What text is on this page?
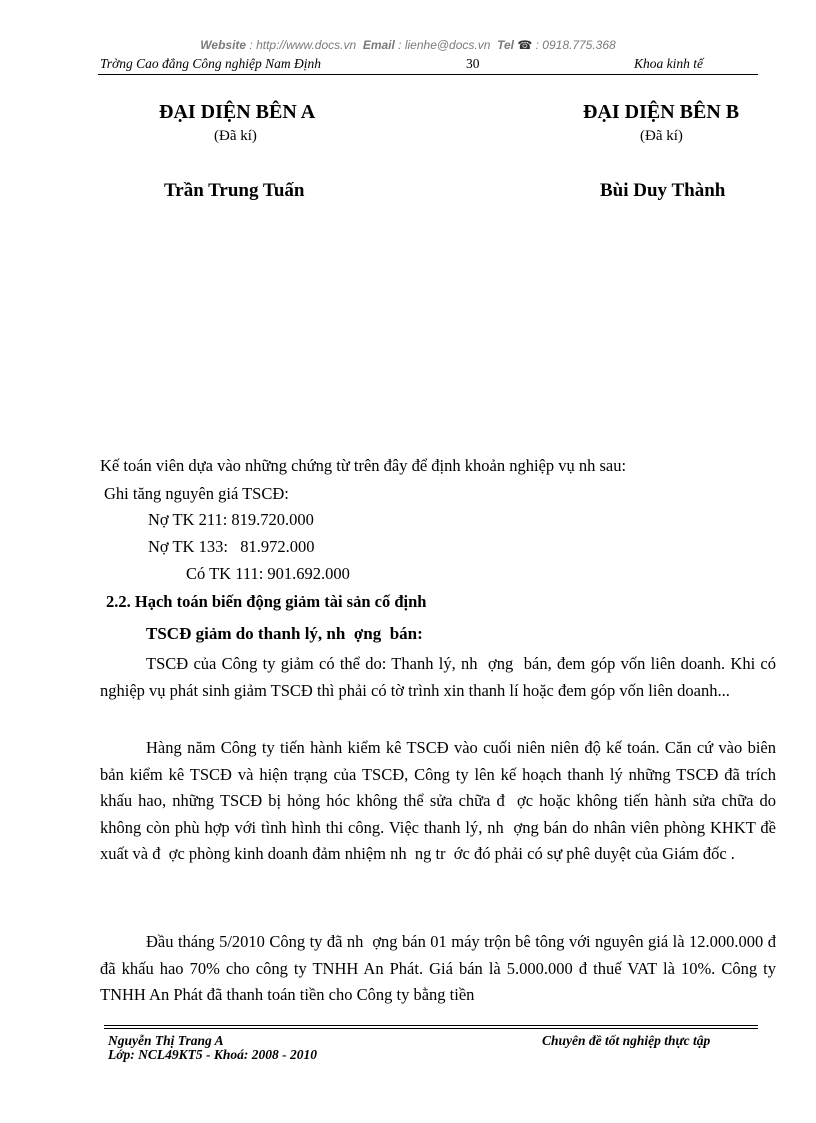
Website : http://www.docs.vn Email : lienhe@docs.vn Tel ☎ : 0918.775.368
Trờng Cao đẳng Công nghiệp Nam Định	30	Khoa kinh tế
ĐẠI DIỆN BÊN A
(Đã kí)
Trần Trung Tuấn
ĐẠI DIỆN BÊN B
(Đã kí)
Bùi Duy Thành
Kế toán viên dựa vào những chứng từ trên đây để định khoản nghiệp vụ nh sau:
Ghi tăng nguyên giá TSCĐ:
Nợ TK 211: 819.720.000
Nợ TK 133:   81.972.000
Có TK 111: 901.692.000
2.2. Hạch toán biến động giảm tài sản cố định
TSCĐ giảm do thanh lý, nh  ợng  bán:
TSCĐ của Công ty giảm có thể do: Thanh lý, nh  ợng  bán, đem góp vốn liên doanh. Khi có nghiệp vụ phát sinh giảm TSCĐ thì phải có tờ trình xin thanh lí hoặc đem góp vốn liên doanh...
Hàng năm Công ty tiến hành kiểm kê TSCĐ vào cuối niên niên độ kế toán. Căn cứ vào biên bản kiểm kê TSCĐ và hiện trạng của TSCĐ, Công ty lên kế hoạch thanh lý những TSCĐ đã trích khấu hao, những TSCĐ bị hỏng hóc không thể sửa chữa đ  ợc hoặc không tiến hành sửa chữa do không còn phù hợp với tình hình thi công. Việc thanh lý, nh  ợng bán do nhân viên phòng KHKT đề xuất và đ  ợc phòng kinh doanh đảm nhiệm nh  ng tr  ớc đó phải có sự phê duyệt của Giám đốc .
Đầu tháng 5/2010 Công ty đã nh  ợng bán 01 máy trộn bê tông với nguyên giá là 12.000.000 đ đã khấu hao 70% cho công ty TNHH An Phát. Giá bán là 5.000.000 đ thuế VAT là 10%. Công ty TNHH An Phát đã thanh toán tiền cho Công ty bằng tiền
Nguyễn Thị Trang A
Lớp: NCL49KT5 - Khoá: 2008 - 2010
Chuyên đề tốt nghiệp thực tập
